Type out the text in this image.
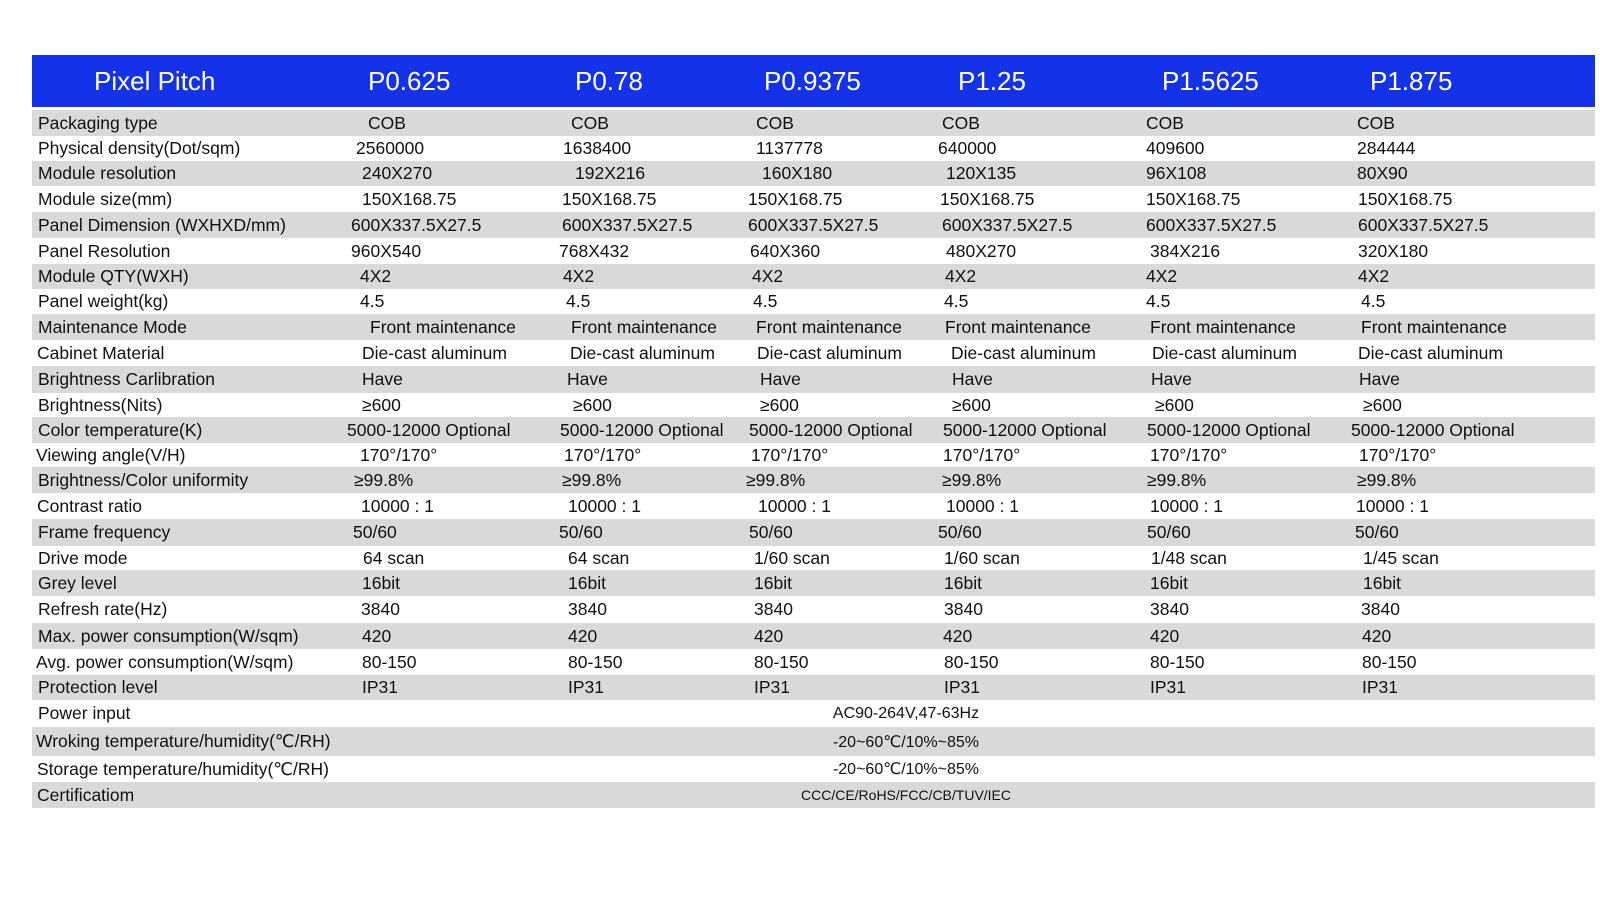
Pixel Pitch	P0.625	P0.78	P0.9375	P1.25	P1.5625	P1.875

Packaging type	COB	COB	COB	COB	COB	COB
Physical density(Dot/sqm)	2560000	1638400	1137778	640000	409600	284444
Module resolution	240X270	192X216	160X180	120X135	96X108	80X90
Module size(mm)	150X168.75	150X168.75	150X168.75	150X168.75	150X168.75	150X168.75
Panel Dimension (WXHXD/mm)	600X337.5X27.5	600X337.5X27.5	600X337.5X27.5	600X337.5X27.5	600X337.5X27.5	600X337.5X27.5
Panel Resolution	960X540	768X432	640X360	480X270	384X216	320X180
Module QTY(WXH)	4X2	4X2	4X2	4X2	4X2	4X2
Panel weight(kg)	4.5	4.5	4.5	4.5	4.5	4.5
Maintenance Mode	Front maintenance	Front maintenance	Front maintenance	Front maintenance	Front maintenance	Front maintenance
Cabinet Material	Die-cast aluminum	Die-cast aluminum	Die-cast aluminum	Die-cast aluminum	Die-cast aluminum	Die-cast aluminum
Brightness Carlibration	Have	Have	Have	Have	Have	Have
Brightness(Nits)	≥600	≥600	≥600	≥600	≥600	≥600
Color temperature(K)	5000-12000 Optional	5000-12000 Optional	5000-12000 Optional	5000-12000 Optional	5000-12000 Optional	5000-12000 Optional
Viewing angle(V/H)	170°/170°	170°/170°	170°/170°	170°/170°	170°/170°	170°/170°
Brightness/Color uniformity	≥99.8%	≥99.8%	≥99.8%	≥99.8%	≥99.8%	≥99.8%
Contrast ratio	10000 : 1	10000 : 1	10000 : 1	10000 : 1	10000 : 1	10000 : 1
Frame frequency	50/60	50/60	50/60	50/60	50/60	50/60
Drive mode	64 scan	64 scan	1/60 scan	1/60 scan	1/48 scan	1/45 scan
Grey level	16bit	16bit	16bit	16bit	16bit	16bit
Refresh rate(Hz)	3840	3840	3840	3840	3840	3840
Max. power consumption(W/sqm)	420	420	420	420	420	420
Avg. power consumption(W/sqm)	80-150	80-150	80-150	80-150	80-150	80-150
Protection level	IP31	IP31	IP31	IP31	IP31	IP31
Power input	AC90-264V,47-63Hz					
Wroking temperature/humidity(℃/RH)	-20~60℃/10%~85%					
Storage temperature/humidity(℃/RH)	-20~60℃/10%~85%					
Certificatiom	CCC/CE/RoHS/FCC/CB/TUV/IEC					
